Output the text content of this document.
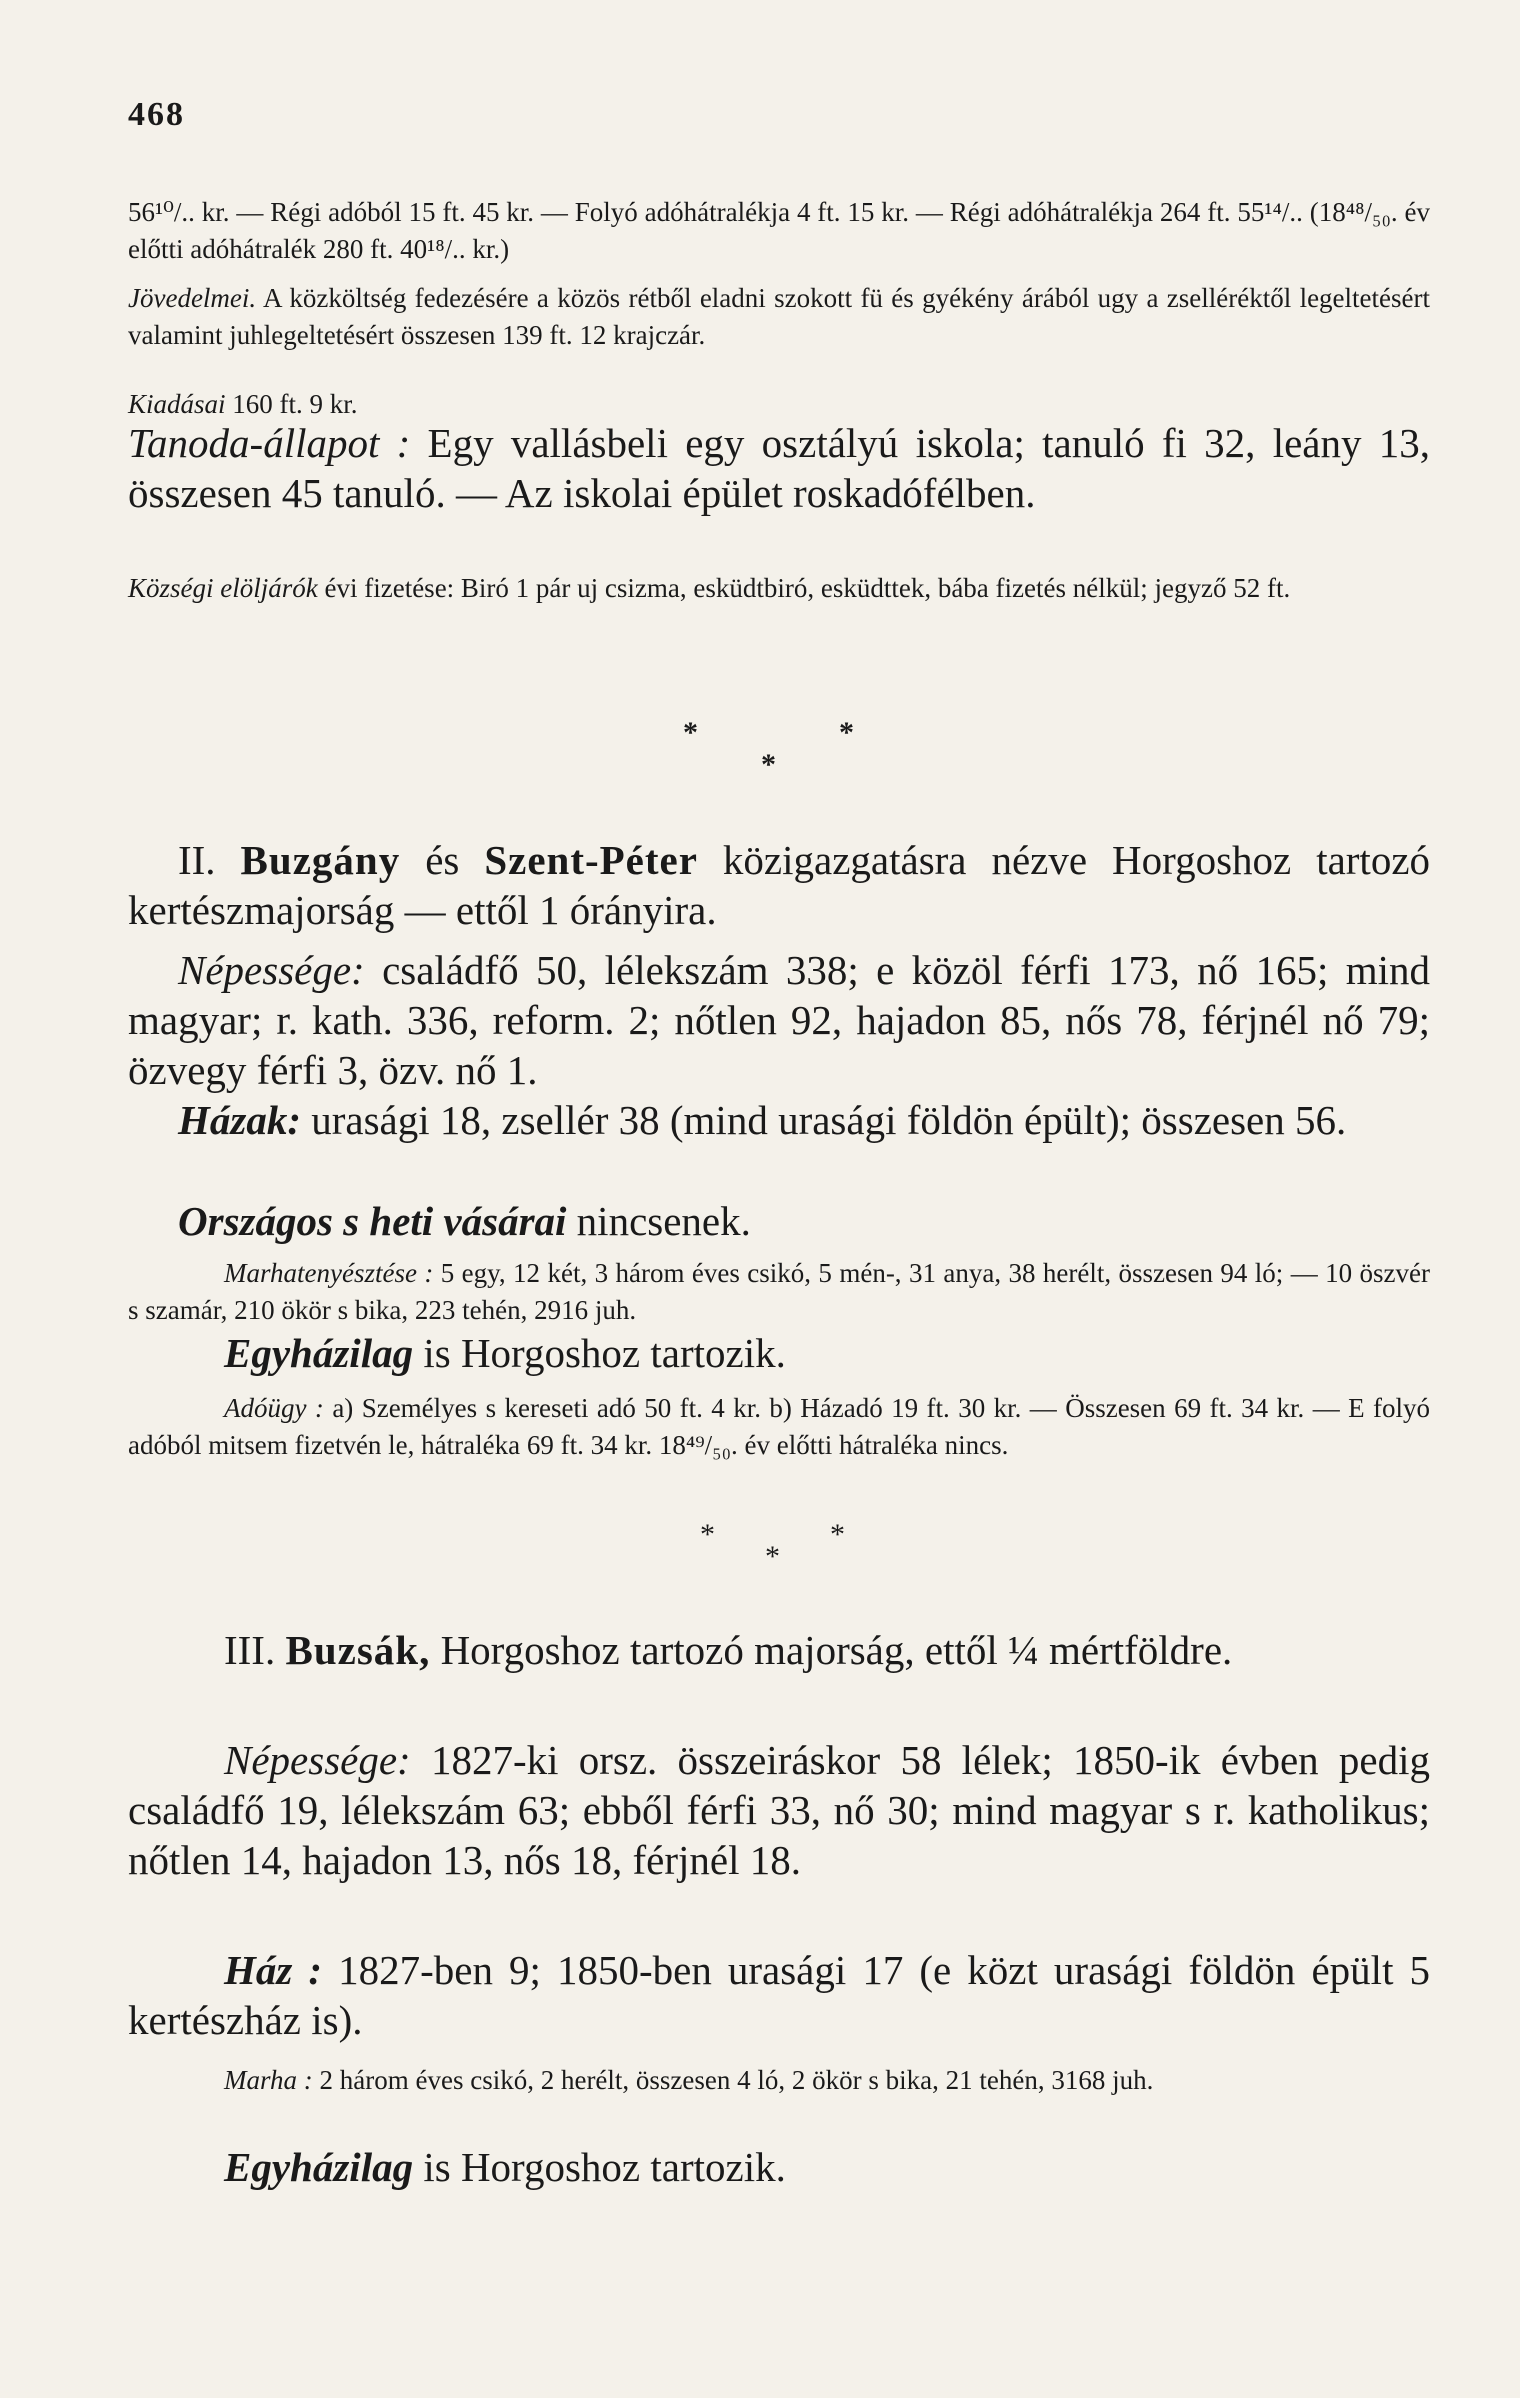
468

56¹⁰/.. kr. — Régi adóból 15 ft. 45 kr. — Folyó adóhátralékja 4 ft. 15 kr. — Régi adóhátralékja 264 ft. 55¹⁴/.. (18⁴⁸/₅₀. év előtti adóhátralék 280 ft. 40¹⁸/.. kr.)

Jövedelmei. A közköltség fedezésére a közös rétből eladni szokott fü és gyékény árából ugy a zselléréktől legeltetésért valamint juhlegeltetésért összesen 139 ft. 12 krajczár.

Kiadásai 160 ft. 9 kr.

Tanoda-állapot : Egy vallásbeli egy osztályú iskola; tanuló fi 32, leány 13, összesen 45 tanuló. — Az iskolai épület roskadófélben.

Községi elöljárók évi fizetése: Biró 1 pár uj csizma, esküdtbiró, esküdttek, bába fizetés nélkül; jegyző 52 ft.

*	*
*

II. Buzgány és Szent-Péter közigazgatásra nézve Horgoshoz tartozó kertészmajorság — ettől 1 órányira.

Népessége: családfő 50, lélekszám 338; e közöl férfi 173, nő 165; mind magyar; r. kath. 336, reform. 2; nőtlen 92, hajadon 85, nős 78, férjnél nő 79; özvegy férfi 3, özv. nő 1.

Házak: urasági 18, zsellér 38 (mind urasági földön épült); összesen 56.

Országos s heti vásárai nincsenek.

Marhatenyésztése : 5 egy, 12 két, 3 három éves csikó, 5 mén-, 31 anya, 38 herélt, összesen 94 ló; — 10 öszvér s szamár, 210 ökör s bika, 223 tehén, 2916 juh.

Egyházilag is Horgoshoz tartozik.

Adóügy : a) Személyes s kereseti adó 50 ft. 4 kr. b) Házadó 19 ft. 30 kr. — Összesen 69 ft. 34 kr. — E folyó adóból mitsem fizetvén le, hátraléka 69 ft. 34 kr. 18⁴⁹/₅₀. év előtti hátraléka nincs.

*	*
*

III. Buzsák, Horgoshoz tartozó majorság, ettől ¼ mértföldre.

Népessége: 1827-ki orsz. összeiráskor 58 lélek; 1850-ik évben pedig családfő 19, lélekszám 63; ebből férfi 33, nő 30; mind magyar s r. katholikus; nőtlen 14, hajadon 13, nős 18, férjnél 18.

Ház : 1827-ben 9; 1850-ben urasági 17 (e közt urasági földön épült 5 kertészház is).

Marha : 2 három éves csikó, 2 herélt, összesen 4 ló, 2 ökör s bika, 21 tehén, 3168 juh.

Egyházilag is Horgoshoz tartozik.
